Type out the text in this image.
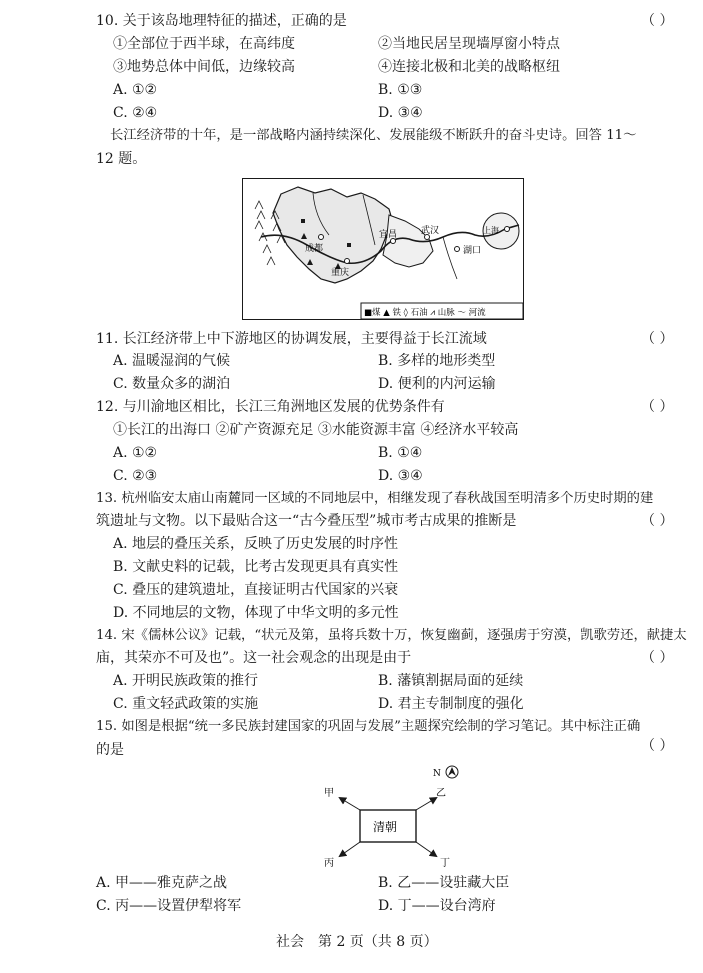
10. 关于该岛地理特征的描述，正确的是	（ ）
①全部位于西半球，在高纬度	②当地民居呈现墙厚窗小特点
③地势总体中间低，边缘较高	④连接北极和北美的战略枢纽
A. ①②	B. ①③
C. ②④	D. ③④
长江经济带的十年，是一部战略内涵持续深化、发展能级不断跃升的奋斗史诗。回答 11～
12 题。
成都
重庆
宜昌	武汉
湖口
上海
■煤 ▲ 铁 ◊ 石油 ⩘ 山脉 〜 河流
11. 长江经济带上中下游地区的协调发展，主要得益于长江流域	（ ）
A. 温暖湿润的气候	B. 多样的地形类型
C. 数量众多的湖泊	D. 便利的内河运输
12. 与川渝地区相比，长江三角洲地区发展的优势条件有	（ ）
①长江的出海口 ②矿产资源充足 ③水能资源丰富 ④经济水平较高
A. ①②	B. ①④
C. ②③	D. ③④
13. 杭州临安太庙山南麓同一区域的不同地层中，相继发现了春秋战国至明清多个历史时期的建
筑遗址与文物。以下最贴合这一“古今叠压型”城市考古成果的推断是	（ ）
A. 地层的叠压关系，反映了历史发展的时序性
B. 文献史料的记载，比考古发现更具有真实性
C. 叠压的建筑遗址，直接证明古代国家的兴衰
D. 不同地层的文物，体现了中华文明的多元性
14. 宋《儒林公议》记载，“状元及第，虽将兵数十万，恢复幽蓟，逐强虏于穷漠，凯歌劳还，献捷太
庙，其荣亦不可及也”。这一社会观念的出现是由于	（ ）
A. 开明民族政策的推行	B. 藩镇割据局面的延续
C. 重文轻武政策的实施	D. 君主专制制度的强化
15. 如图是根据“统一多民族封建国家的巩固与发展”主题探究绘制的学习笔记。其中标注正确
的是	（ ）
N
清朝
甲	乙
丙	丁
A. 甲——雅克萨之战	B. 乙——设驻藏大臣
C. 丙——设置伊犁将军	D. 丁——设台湾府
社会　第 2 页（共 8 页）
